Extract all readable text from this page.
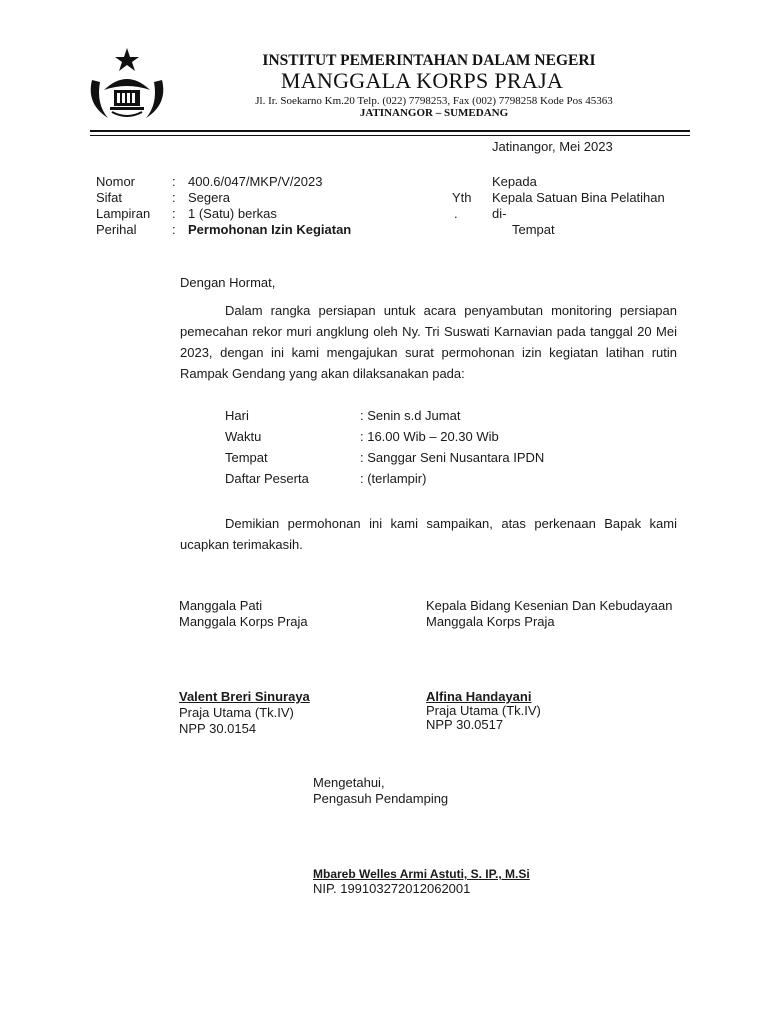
INSTITUT PEMERINTAHAN DALAM NEGERI
MANGGALA KORPS PRAJA
Jl. Ir. Soekarno Km.20 Telp. (022) 7798253, Fax (002) 7798258 Kode Pos 45363
JATINANGOR – SUMEDANG
Jatinangor, Mei 2023
Nomor	: 400.6/047/MKP/V/2023
Sifat	: Segera
Lampiran : 1 (Satu) berkas
Perihal	: Permohonan Izin Kegiatan
Kepada
Yth
.
Kepala Satuan Bina Pelatihan
di-
Tempat
Dengan Hormat,
Dalam rangka persiapan untuk acara penyambutan monitoring persiapan pemecahan rekor muri angklung oleh Ny. Tri Suswati Karnavian pada tanggal 20 Mei 2023, dengan ini kami mengajukan surat permohonan izin kegiatan latihan rutin Rampak Gendang yang akan dilaksanakan pada:
Hari	: Senin s.d Jumat
Waktu	: 16.00 Wib – 20.30 Wib
Tempat	: Sanggar Seni Nusantara IPDN
Daftar Peserta	: (terlampir)
Demikian permohonan ini kami sampaikan, atas perkenaan Bapak kami ucapkan terimakasih.
Manggala Pati
Manggala Korps Praja
Valent Breri Sinuraya
Praja Utama (Tk.IV)
NPP 30.0154
Kepala Bidang Kesenian Dan Kebudayaan
Manggala Korps Praja
Alfina Handayani
Praja Utama (Tk.IV)
NPP 30.0517
Mengetahui,
Pengasuh Pendamping
Mbareb Welles Armi Astuti, S. IP., M.Si
NIP. 199103272012062001
